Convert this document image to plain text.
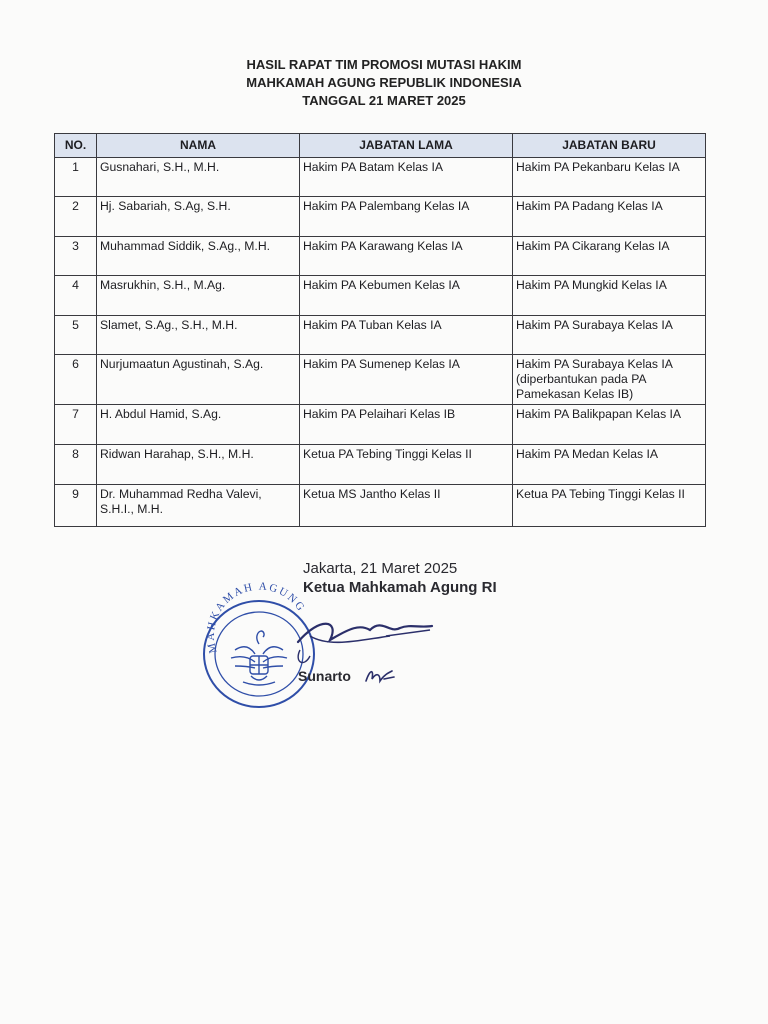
HASIL RAPAT TIM PROMOSI MUTASI HAKIM
MAHKAMAH AGUNG REPUBLIK INDONESIA
TANGGAL 21 MARET 2025
NO.	NAMA	JABATAN LAMA	JABATAN BARU
1	Gusnahari, S.H., M.H.	Hakim PA Batam Kelas IA	Hakim PA Pekanbaru Kelas IA
2	Hj. Sabariah, S.Ag, S.H.	Hakim PA Palembang Kelas IA	Hakim PA Padang Kelas IA
3	Muhammad Siddik, S.Ag., M.H.	Hakim PA Karawang Kelas IA	Hakim PA Cikarang Kelas IA
4	Masrukhin, S.H., M.Ag.	Hakim PA Kebumen Kelas IA	Hakim PA Mungkid Kelas IA
5	Slamet, S.Ag., S.H., M.H.	Hakim PA Tuban Kelas IA	Hakim PA Surabaya Kelas IA
6	Nurjumaatun Agustinah, S.Ag.	Hakim PA Sumenep Kelas IA	Hakim PA Surabaya Kelas IA (diperbantukan pada PA Pamekasan Kelas IB)
7	H. Abdul Hamid, S.Ag.	Hakim PA Pelaihari Kelas IB	Hakim PA Balikpapan Kelas IA
8	Ridwan Harahap, S.H., M.H.	Ketua PA Tebing Tinggi Kelas II	Hakim PA Medan Kelas IA
9	Dr. Muhammad Redha Valevi, S.H.I., M.H.	Ketua MS Jantho Kelas II	Ketua PA Tebing Tinggi Kelas II
MAHKAMAH AGUNG
Jakarta, 21 Maret 2025
Ketua Mahkamah Agung RI
Sunarto
